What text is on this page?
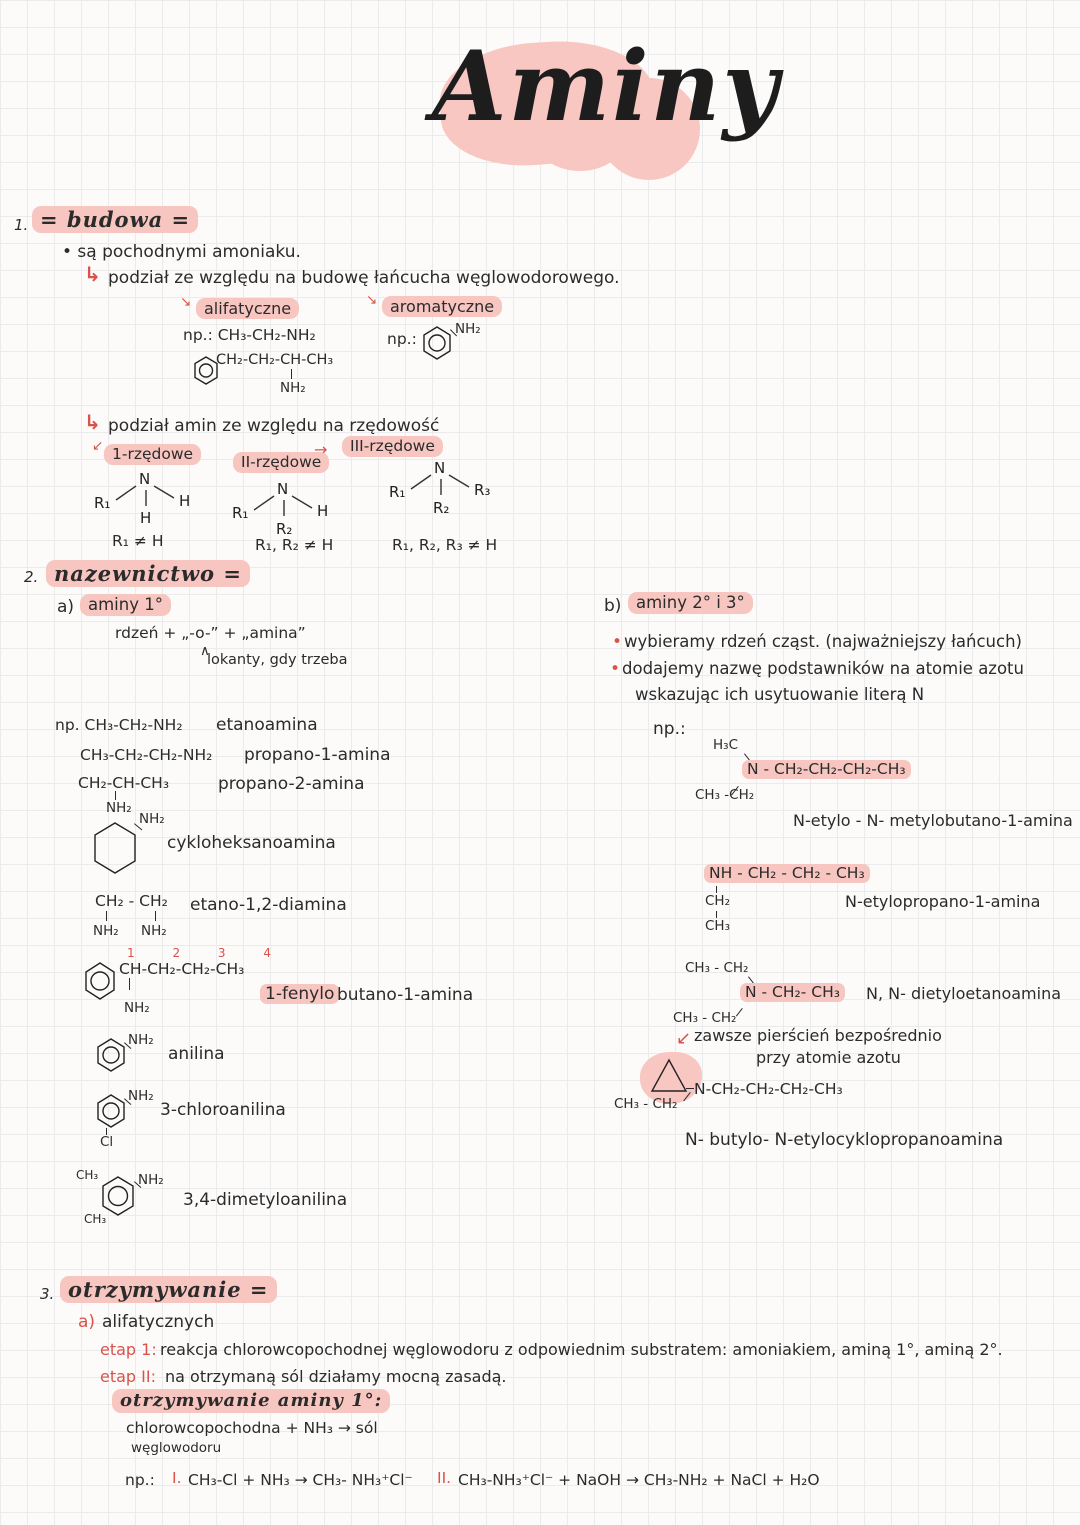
Aminy
1. = budowa =
• są pochodnymi amoniaku.
↳ podział ze względu na budowę łańcucha węglowodorowego.
↘ alifatyczne	↘ aromatyczne
np.: CH₃-CH₂-NH₂
CH₂-CH₂-CH-CH₃
NH₂
np.:
NH₂
↳ podział amin ze względu na rzędowość
↙ 1-rzędowe	II-rzędowe
→	III-rzędowe
R₁
N
H
H
R₁ ≠ H
R₁
N
H
R₂
R₁, R₂ ≠ H
R₁
N
R₃
R₂
R₁, R₂, R₃ ≠ H
2. nazewnictwo =
a) aminy 1°
rdzeń + „-o-” + „amina”
∧
lokanty, gdy trzeba
np. CH₃-CH₂-NH₂ etanoamina
CH₃-CH₂-CH₂-NH₂ propano-1-amina
CH₂-CH-CH₃
NH₂
propano-2-amina
NH₂
cykloheksanoamina
CH₂ - CH₂
NH₂ NH₂
etano-1,2-diamina
1 2 3 4
CH-CH₂-CH₂-CH₃
NH₂
1-fenylo butano-1-amina
NH₂
anilina
NH₂
3-chloroanilina
Cl
CH₃
CH₃
NH₂
3,4-dimetyloanilina
b) aminy 2° i 3°
• wybieramy rdzeń cząst. (najważniejszy łańcuch)
• dodajemy nazwę podstawników na atomie azotu
wskazując ich usytuowanie literą N
np.:
H₃C
N - CH₂-CH₂-CH₂-CH₃
CH₃ -CH₂
N-etylo - N- metylobutano-1-amina
NH - CH₂ - CH₂ - CH₃
CH₂
CH₃
N-etylopropano-1-amina
CH₃ - CH₂
N - CH₂- CH₃
CH₃ - CH₂
N, N- dietyloetanoamina
↙ zawsze pierścień bezpośrednio
przy atomie azotu
N-CH₂-CH₂-CH₂-CH₃
CH₃ - CH₂
N- butylo- N-etylocyklopropanoamina
3. otrzymywanie =
a) alifatycznych
etap 1: reakcja chlorowcopochodnej węglowodoru z odpowiednim substratem: amoniakiem, aminą 1°, aminą 2°.
etap II: na otrzymaną sól działamy mocną zasadą.
otrzymywanie aminy 1°:
chlorowcopochodna + NH₃ → sól
węglowodoru
np.: I. CH₃-Cl + NH₃ → CH₃- NH₃⁺Cl⁻ II. CH₃-NH₃⁺Cl⁻ + NaOH → CH₃-NH₂ + NaCl + H₂O
